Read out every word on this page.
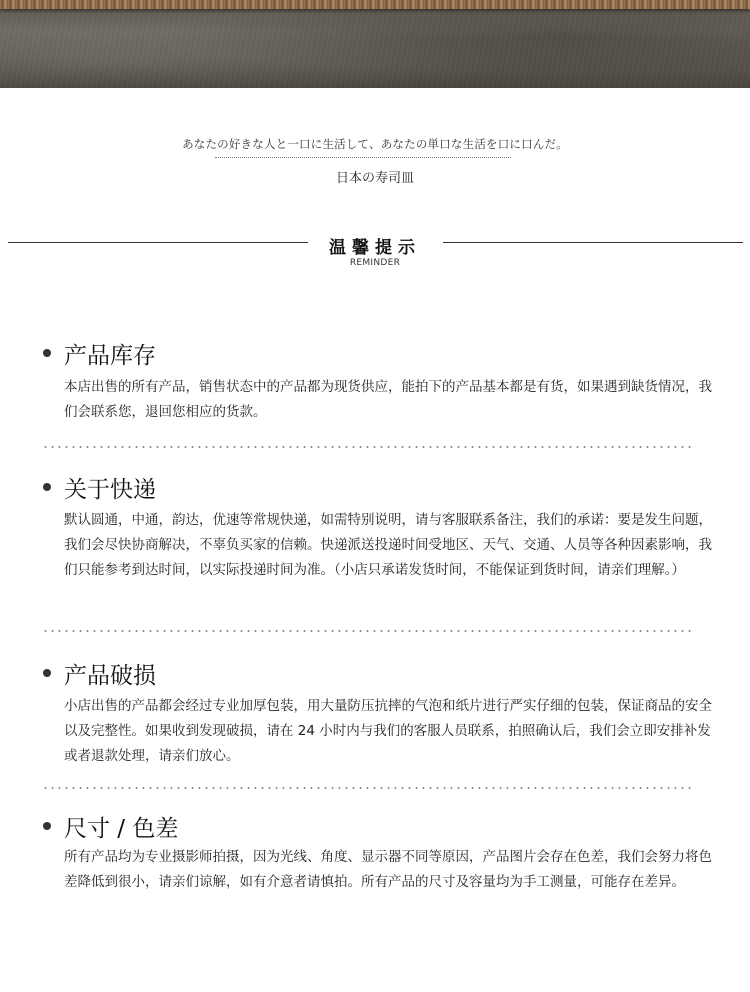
あなたの好きな人と一口に生活して、あなたの単口な生活を口に口んだ。
日本の寿司皿
温馨提示
REMINDER
产品库存

本店出售的所有产品，销售状态中的产品都为现货供应，能拍下的产品基本都是有货，如果遇到缺货情况，我们会联系您，退回您相应的货款。

关于快递

默认圆通，中通，韵达，优速等常规快递，如需特别说明，请与客服联系备注，我们的承诺：要是发生问题，我们会尽快协商解决，不辜负买家的信赖。快递派送投递时间受地区、天气、交通、人员等各种因素影响，我们只能参考到达时间，以实际投递时间为准。（小店只承诺发货时间，不能保证到货时间，请亲们理解。）

产品破损

小店出售的产品都会经过专业加厚包装，用大量防压抗摔的气泡和纸片进行严实仔细的包装，保证商品的安全以及完整性。如果收到发现破损，请在 24 小时内与我们的客服人员联系，拍照确认后，我们会立即安排补发或者退款处理，请亲们放心。

尺寸 / 色差

所有产品均为专业摄影师拍摄，因为光线、角度、显示器不同等原因，产品图片会存在色差，我们会努力将色差降低到很小，请亲们谅解，如有介意者请慎拍。所有产品的尺寸及容量均为手工测量，可能存在差异。
